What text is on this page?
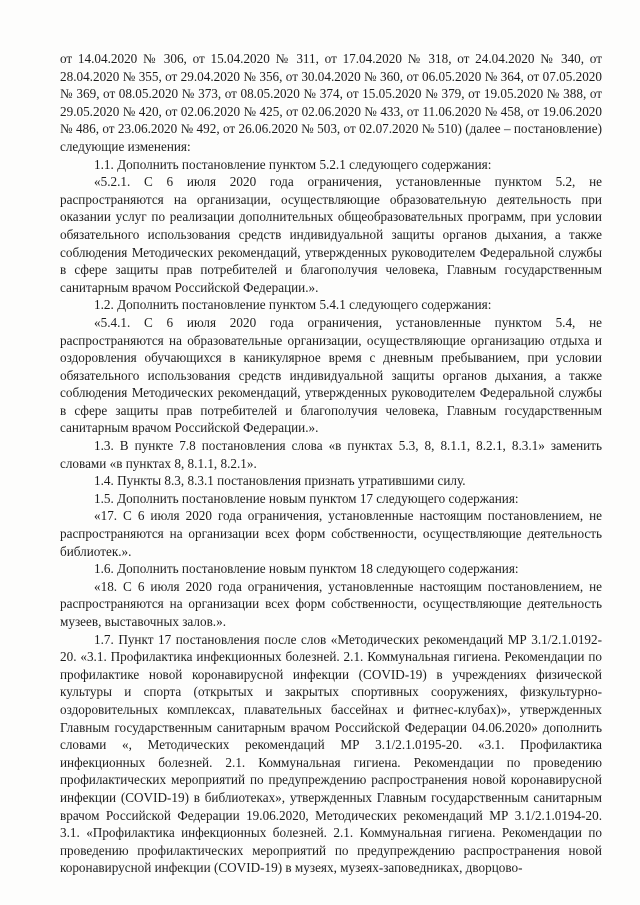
от 14.04.2020 № 306, от 15.04.2020 № 311, от 17.04.2020 № 318, от 24.04.2020 № 340, от 28.04.2020 № 355, от 29.04.2020 № 356, от 30.04.2020 № 360, от 06.05.2020 № 364, от 07.05.2020 № 369, от 08.05.2020 № 373, от 08.05.2020 № 374, от 15.05.2020 № 379, от 19.05.2020 № 388, от 29.05.2020 № 420, от 02.06.2020 № 425, от 02.06.2020 № 433, от 11.06.2020 № 458, от 19.06.2020 № 486, от 23.06.2020 № 492, от 26.06.2020 № 503, от 02.07.2020 № 510) (далее – постановление) следующие изменения:

1.1. Дополнить постановление пунктом 5.2.1 следующего содержания:

«5.2.1. С 6 июля 2020 года ограничения, установленные пунктом 5.2, не распространяются на организации, осуществляющие образовательную деятельность при оказании услуг по реализации дополнительных общеобразовательных программ, при условии обязательного использования средств индивидуальной защиты органов дыхания, а также соблюдения Методических рекомендаций, утвержденных руководителем Федеральной службы в сфере защиты прав потребителей и благополучия человека, Главным государственным санитарным врачом Российской Федерации.».

1.2. Дополнить постановление пунктом 5.4.1 следующего содержания:

«5.4.1. С 6 июля 2020 года ограничения, установленные пунктом 5.4, не распространяются на образовательные организации, осуществляющие организацию отдыха и оздоровления обучающихся в каникулярное время с дневным пребыванием, при условии обязательного использования средств индивидуальной защиты органов дыхания, а также соблюдения Методических рекомендаций, утвержденных руководителем Федеральной службы в сфере защиты прав потребителей и благополучия человека, Главным государственным санитарным врачом Российской Федерации.».

1.3. В пункте 7.8 постановления слова «в пунктах 5.3, 8, 8.1.1, 8.2.1, 8.3.1» заменить словами «в пунктах 8, 8.1.1, 8.2.1».

1.4. Пункты 8.3, 8.3.1 постановления признать утратившими силу.

1.5. Дополнить постановление новым пунктом 17 следующего содержания:

«17. С 6 июля 2020 года ограничения, установленные настоящим постановлением, не распространяются на организации всех форм собственности, осуществляющие деятельность библиотек.».

1.6. Дополнить постановление новым пунктом 18 следующего содержания:

«18. С 6 июля 2020 года ограничения, установленные настоящим постановлением, не распространяются на организации всех форм собственности, осуществляющие деятельность музеев, выставочных залов.».

1.7. Пункт 17 постановления после слов «Методических рекомендаций МР 3.1/2.1.0192-20. «3.1. Профилактика инфекционных болезней. 2.1. Коммунальная гигиена. Рекомендации по профилактике новой коронавирусной инфекции (COVID-19) в учреждениях физической культуры и спорта (открытых и закрытых спортивных сооружениях, физкультурно-оздоровительных комплексах, плавательных бассейнах и фитнес-клубах)», утвержденных Главным государственным санитарным врачом Российской Федерации 04.06.2020» дополнить словами «, Методических рекомендаций МР 3.1/2.1.0195-20. «3.1. Профилактика инфекционных болезней. 2.1. Коммунальная гигиена. Рекомендации по проведению профилактических мероприятий по предупреждению распространения новой коронавирусной инфекции (COVID-19) в библиотеках», утвержденных Главным государственным санитарным врачом Российской Федерации 19.06.2020, Методических рекомендаций МР 3.1/2.1.0194-20. 3.1. «Профилактика инфекционных болезней. 2.1. Коммунальная гигиена. Рекомендации по проведению профилактических мероприятий по предупреждению распространения новой коронавирусной инфекции (COVID-19) в музеях, музеях-заповедниках, дворцово-
